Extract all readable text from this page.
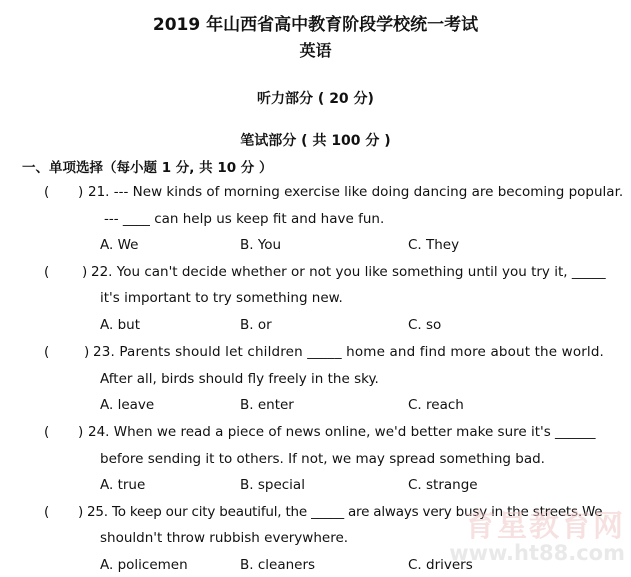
2019 年山西省高中教育阶段学校统一考试
英语
听力部分 ( 20 分)
笔试部分 ( 共 100 分 )
一、单项选择（每小题 1 分, 共 10 分 ）
( ) 21. --- New kinds of morning exercise like doing dancing are becoming popular.
--- ____ can help us keep fit and have fun.
A. We	B. You	C. They
( ) 22. You can't decide whether or not you like something until you try it, _____
it's important to try something new.
A. but	B. or	C. so
(	) 23. Parents should let children _____ home and find more about the world.
After all, birds should fly freely in the sky.
A. leave	B. enter	C. reach
( ) 24. When we read a piece of news online, we'd better make sure it's ______
before sending it to others. If not, we may spread something bad.
A. true	B. special	C. strange
( ) 25. To keep our city beautiful, the _____ are always very busy in the streets.We
shouldn't throw rubbish everywhere.
A. policemen	B. cleaners	C. drivers
育星教育网
www.ht88.com
